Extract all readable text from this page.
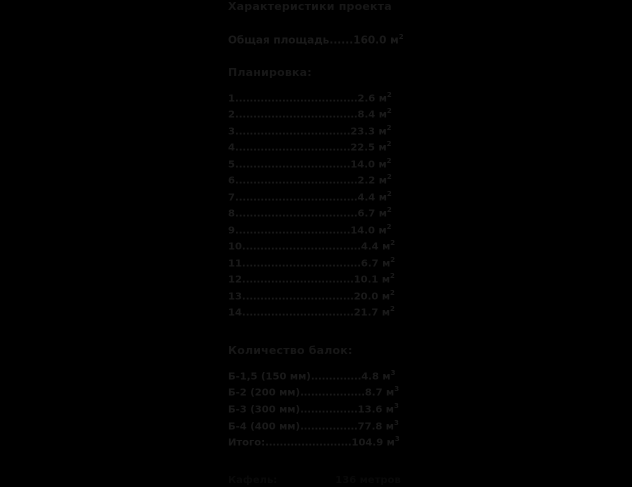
Характеристики проекта
Общая площадь......160.0 $м^2$
Планировка:
1..................................2.6 $м^2$
2..................................8.4 $м^2$
3................................23.3 $м^2$
4................................22.5 $м^2$
5................................14.0 $м^2$
6..................................2.2 $м^2$
7..................................4.4 $м^2$
8..................................6.7 $м^2$
9................................14.0 $м^2$
10.................................4.4 $м^2$
11.................................6.7 $м^2$
12...............................10.1 $м^2$
13...............................20.0 $м^2$
14...............................21.7 $м^2$
Количество балок:
Б-1,5 (150 мм)..............4.8 $м^3$
Б-2 (200 мм)..................8.7 $м^3$
Б-3 (300 мм)................13.6 $м^3$
Б-4 (400 мм)................77.8 $м^3$
Итого:........................104.9 $м^3$
Кафель:	136 метров
